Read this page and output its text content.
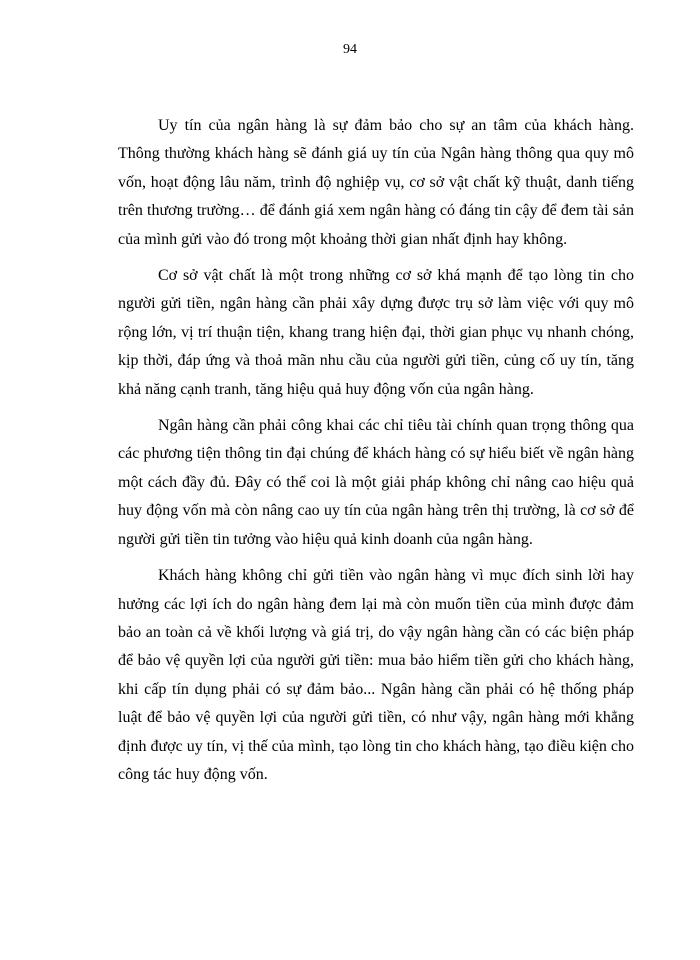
94

Uy tín của ngân hàng là sự đảm bảo cho sự an tâm của khách hàng. Thông thường khách hàng sẽ đánh giá uy tín của Ngân hàng thông qua quy mô vốn, hoạt động lâu năm, trình độ nghiệp vụ, cơ sở vật chất kỹ thuật, danh tiếng trên thương trường… để đánh giá xem ngân hàng có đáng tin cậy để đem tài sản của mình gửi vào đó trong một khoảng thời gian nhất định hay không.

Cơ sở vật chất là một trong những cơ sở khá mạnh để tạo lòng tin cho người gửi tiền, ngân hàng cần phải xây dựng được trụ sở làm việc với quy mô rộng lớn, vị trí thuận tiện, khang trang hiện đại, thời gian phục vụ nhanh chóng, kịp thời, đáp ứng và thoả mãn nhu cầu của người gửi tiền, củng cố uy tín, tăng khả năng cạnh tranh, tăng hiệu quả huy động vốn của ngân hàng.

Ngân hàng cần phải công khai các chỉ tiêu tài chính quan trọng thông qua các phương tiện thông tin đại chúng để khách hàng có sự hiểu biết về ngân hàng một cách đầy đủ. Đây có thể coi là một giải pháp không chỉ nâng cao hiệu quả huy động vốn mà còn nâng cao uy tín của ngân hàng trên thị trường, là cơ sở để người gửi tiền tin tưởng vào hiệu quả kinh doanh của ngân hàng.

Khách hàng không chỉ gửi tiền vào ngân hàng vì mục đích sinh lời hay hưởng các lợi ích do ngân hàng đem lại mà còn muốn tiền của mình được đảm bảo an toàn cả về khối lượng và giá trị, do vậy ngân hàng cần có các biện pháp để bảo vệ quyền lợi của người gửi tiền: mua bảo hiểm tiền gửi cho khách hàng, khi cấp tín dụng phải có sự đảm bảo... Ngân hàng cần phải có hệ thống pháp luật để bảo vệ quyền lợi của người gửi tiền, có như vậy, ngân hàng mới khẳng định được uy tín, vị thế của mình, tạo lòng tin cho khách hàng, tạo điều kiện cho công tác huy động vốn.
